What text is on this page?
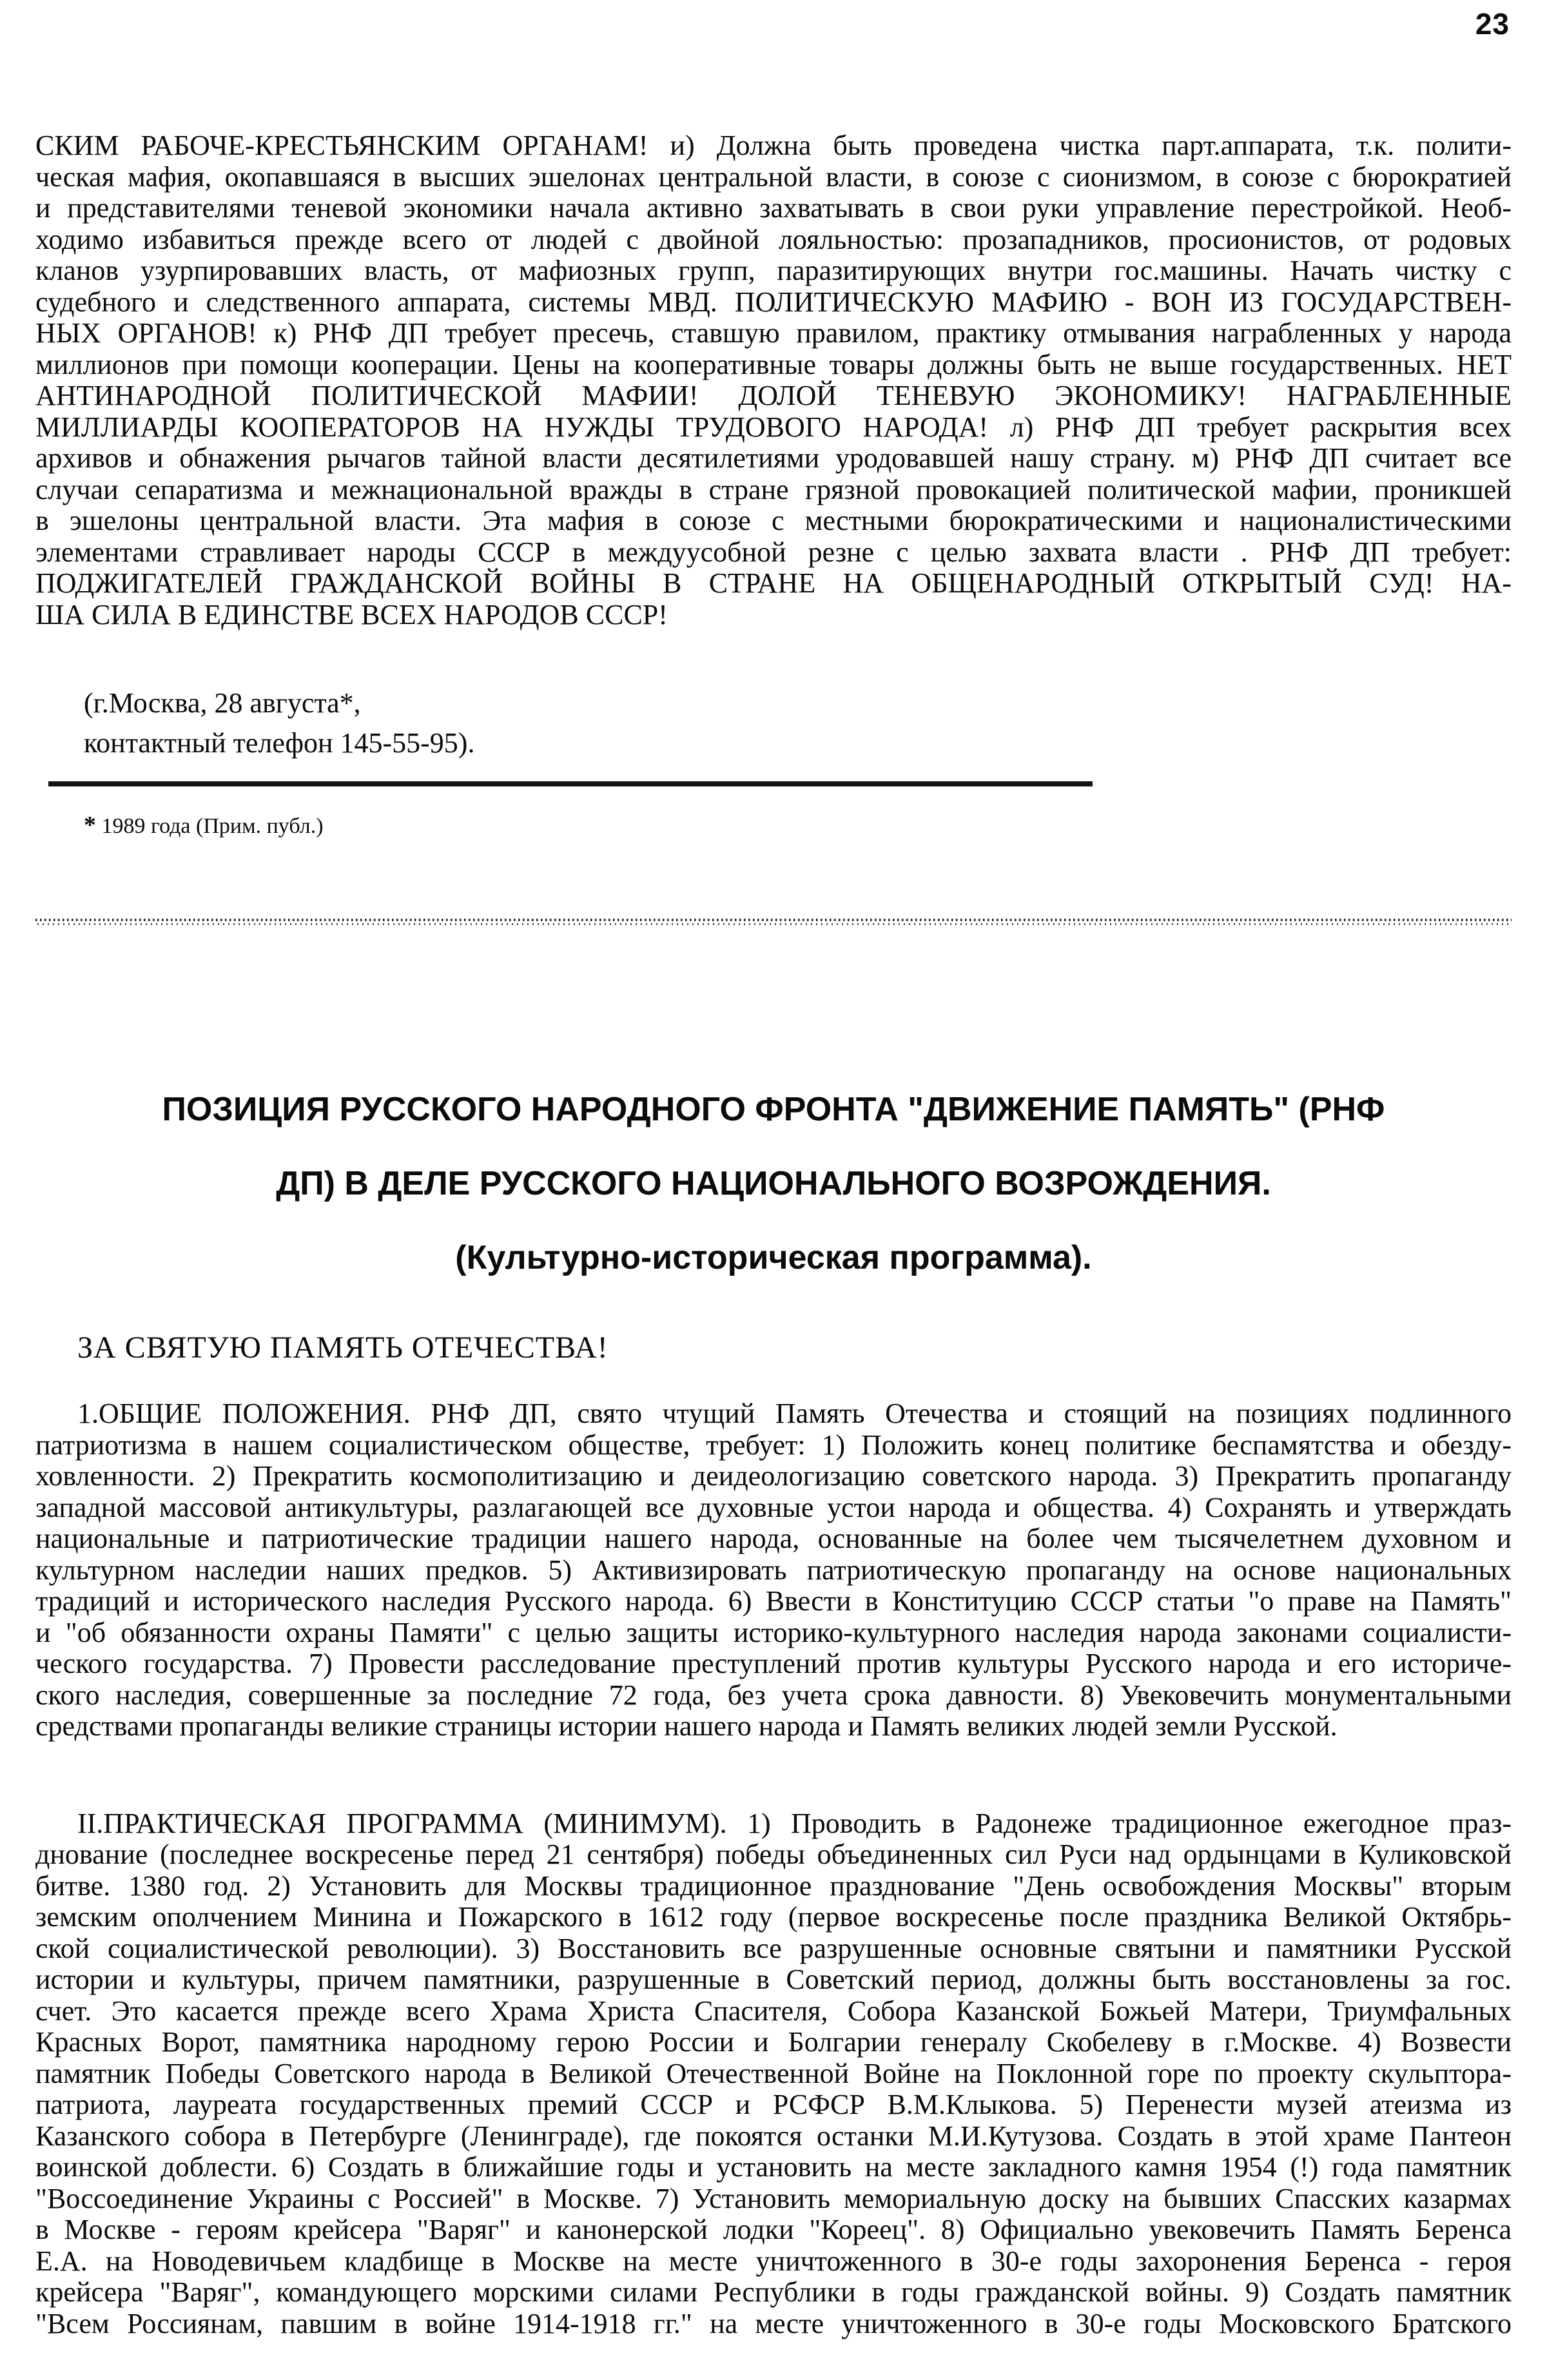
23
СКИМ РАБОЧЕ-КРЕСТЬЯНСКИМ ОРГАНАМ! и) Должна быть проведена чистка парт.аппарата, т.к. полити-
ческая мафия, окопавшаяся в высших эшелонах центральной власти, в союзе с сионизмом, в союзе с бюрократией
и представителями теневой экономики начала активно захватывать в свои руки управление перестройкой. Необ-
ходимо избавиться прежде всего от людей с двойной лояльностью: прозападников, просионистов, от родовых
кланов узурпировавших власть, от мафиозных групп, паразитирующих внутри гос.машины. Начать чистку с
судебного и следственного аппарата, системы МВД. ПОЛИТИЧЕСКУЮ МАФИЮ - ВОН ИЗ ГОСУДАРСТВЕН-
НЫХ ОРГАНОВ! к) РНФ ДП требует пресечь, ставшую правилом, практику отмывания награбленных у народа
миллионов при помощи кооперации. Цены на кооперативные товары должны быть не выше государственных. НЕТ
АНТИНАРОДНОЙ ПОЛИТИЧЕСКОЙ МАФИИ! ДОЛОЙ ТЕНЕВУЮ ЭКОНОМИКУ! НАГРАБЛЕННЫЕ
МИЛЛИАРДЫ КООПЕРАТОРОВ НА НУЖДЫ ТРУДОВОГО НАРОДА! л) РНФ ДП требует раскрытия всех
архивов и обнажения рычагов тайной власти десятилетиями уродовавшей нашу страну. м) РНФ ДП считает все
случаи сепаратизма и межнациональной вражды в стране грязной провокацией политической мафии, проникшей
в эшелоны центральной власти. Эта мафия в союзе с местными бюрократическими и националистическими
элементами стравливает народы СССР в междуусобной резне с целью захвата власти . РНФ ДП требует:
ПОДЖИГАТЕЛЕЙ ГРАЖДАНСКОЙ ВОЙНЫ В СТРАНЕ НА ОБЩЕНАРОДНЫЙ ОТКРЫТЫЙ СУД! НА-
ША СИЛА В ЕДИНСТВЕ ВСЕХ НАРОДОВ СССР!
(г.Москва, 28 августа*,
контактный телефон 145-55-95).
* 1989 года (Прим. публ.)
ПОЗИЦИЯ РУССКОГО НАРОДНОГО ФРОНТА "ДВИЖЕНИЕ ПАМЯТЬ" (РНФ
ДП) В ДЕЛЕ РУССКОГО НАЦИОНАЛЬНОГО ВОЗРОЖДЕНИЯ.
(Культурно-историческая программа).
ЗА СВЯТУЮ ПАМЯТЬ ОТЕЧЕСТВА!
1.ОБЩИЕ ПОЛОЖЕНИЯ. РНФ ДП, свято чтущий Память Отечества и стоящий на позициях подлинного
патриотизма в нашем социалистическом обществе, требует: 1) Положить конец политике беспамятства и обезду-
ховленности. 2) Прекратить космополитизацию и деидеологизацию советского народа. 3) Прекратить пропаганду
западной массовой антикультуры, разлагающей все духовные устои народа и общества. 4) Сохранять и утверждать
национальные и патриотические традиции нашего народа, основанные на более чем тысячелетнем духовном и
культурном наследии наших предков. 5) Активизировать патриотическую пропаганду на основе национальных
традиций и исторического наследия Русского народа. 6) Ввести в Конституцию СССР статьи "о праве на Память"
и "об обязанности охраны Памяти" с целью защиты историко-культурного наследия народа законами социалисти-
ческого государства. 7) Провести расследование преступлений против культуры Русского народа и его историче-
ского наследия, совершенные за последние 72 года, без учета срока давности. 8) Увековечить монументальными
средствами пропаганды великие страницы истории нашего народа и Память великих людей земли Русской.
II.ПРАКТИЧЕСКАЯ ПРОГРАММА (МИНИМУМ). 1) Проводить в Радонеже традиционное ежегодное праз-
днование (последнее воскресенье перед 21 сентября) победы объединенных сил Руси над ордынцами в Куликовской
битве. 1380 год. 2) Установить для Москвы традиционное празднование "День освобождения Москвы" вторым
земским ополчением Минина и Пожарского в 1612 году (первое воскресенье после праздника Великой Октябрь-
ской социалистической революции). 3) Восстановить все разрушенные основные святыни и памятники Русской
истории и культуры, причем памятники, разрушенные в Советский период, должны быть восстановлены за гос.
счет. Это касается прежде всего Храма Христа Спасителя, Собора Казанской Божьей Матери, Триумфальных
Красных Ворот, памятника народному герою России и Болгарии генералу Скобелеву в г.Москве. 4) Возвести
памятник Победы Советского народа в Великой Отечественной Войне на Поклонной горе по проекту скульптора-
патриота, лауреата государственных премий СССР и РСФСР В.М.Клыкова. 5) Перенести музей атеизма из
Казанского собора в Петербурге (Ленинграде), где покоятся останки М.И.Кутузова. Создать в этой храме Пантеон
воинской доблести. 6) Создать в ближайшие годы и установить на месте закладного камня 1954 (!) года памятник
"Воссоединение Украины с Россией" в Москве. 7) Установить мемориальную доску на бывших Спасских казармах
в Москве - героям крейсера "Варяг" и канонерской лодки "Кореец". 8) Официально увековечить Память Беренса
Е.А. на Новодевичьем кладбище в Москве на месте уничтоженного в 30-е годы захоронения Беренса - героя
крейсера "Варяг", командующего морскими силами Республики в годы гражданской войны. 9) Создать памятник
"Всем Россиянам, павшим в войне 1914-1918 гг." на месте уничтоженного в 30-е годы Московского Братского
